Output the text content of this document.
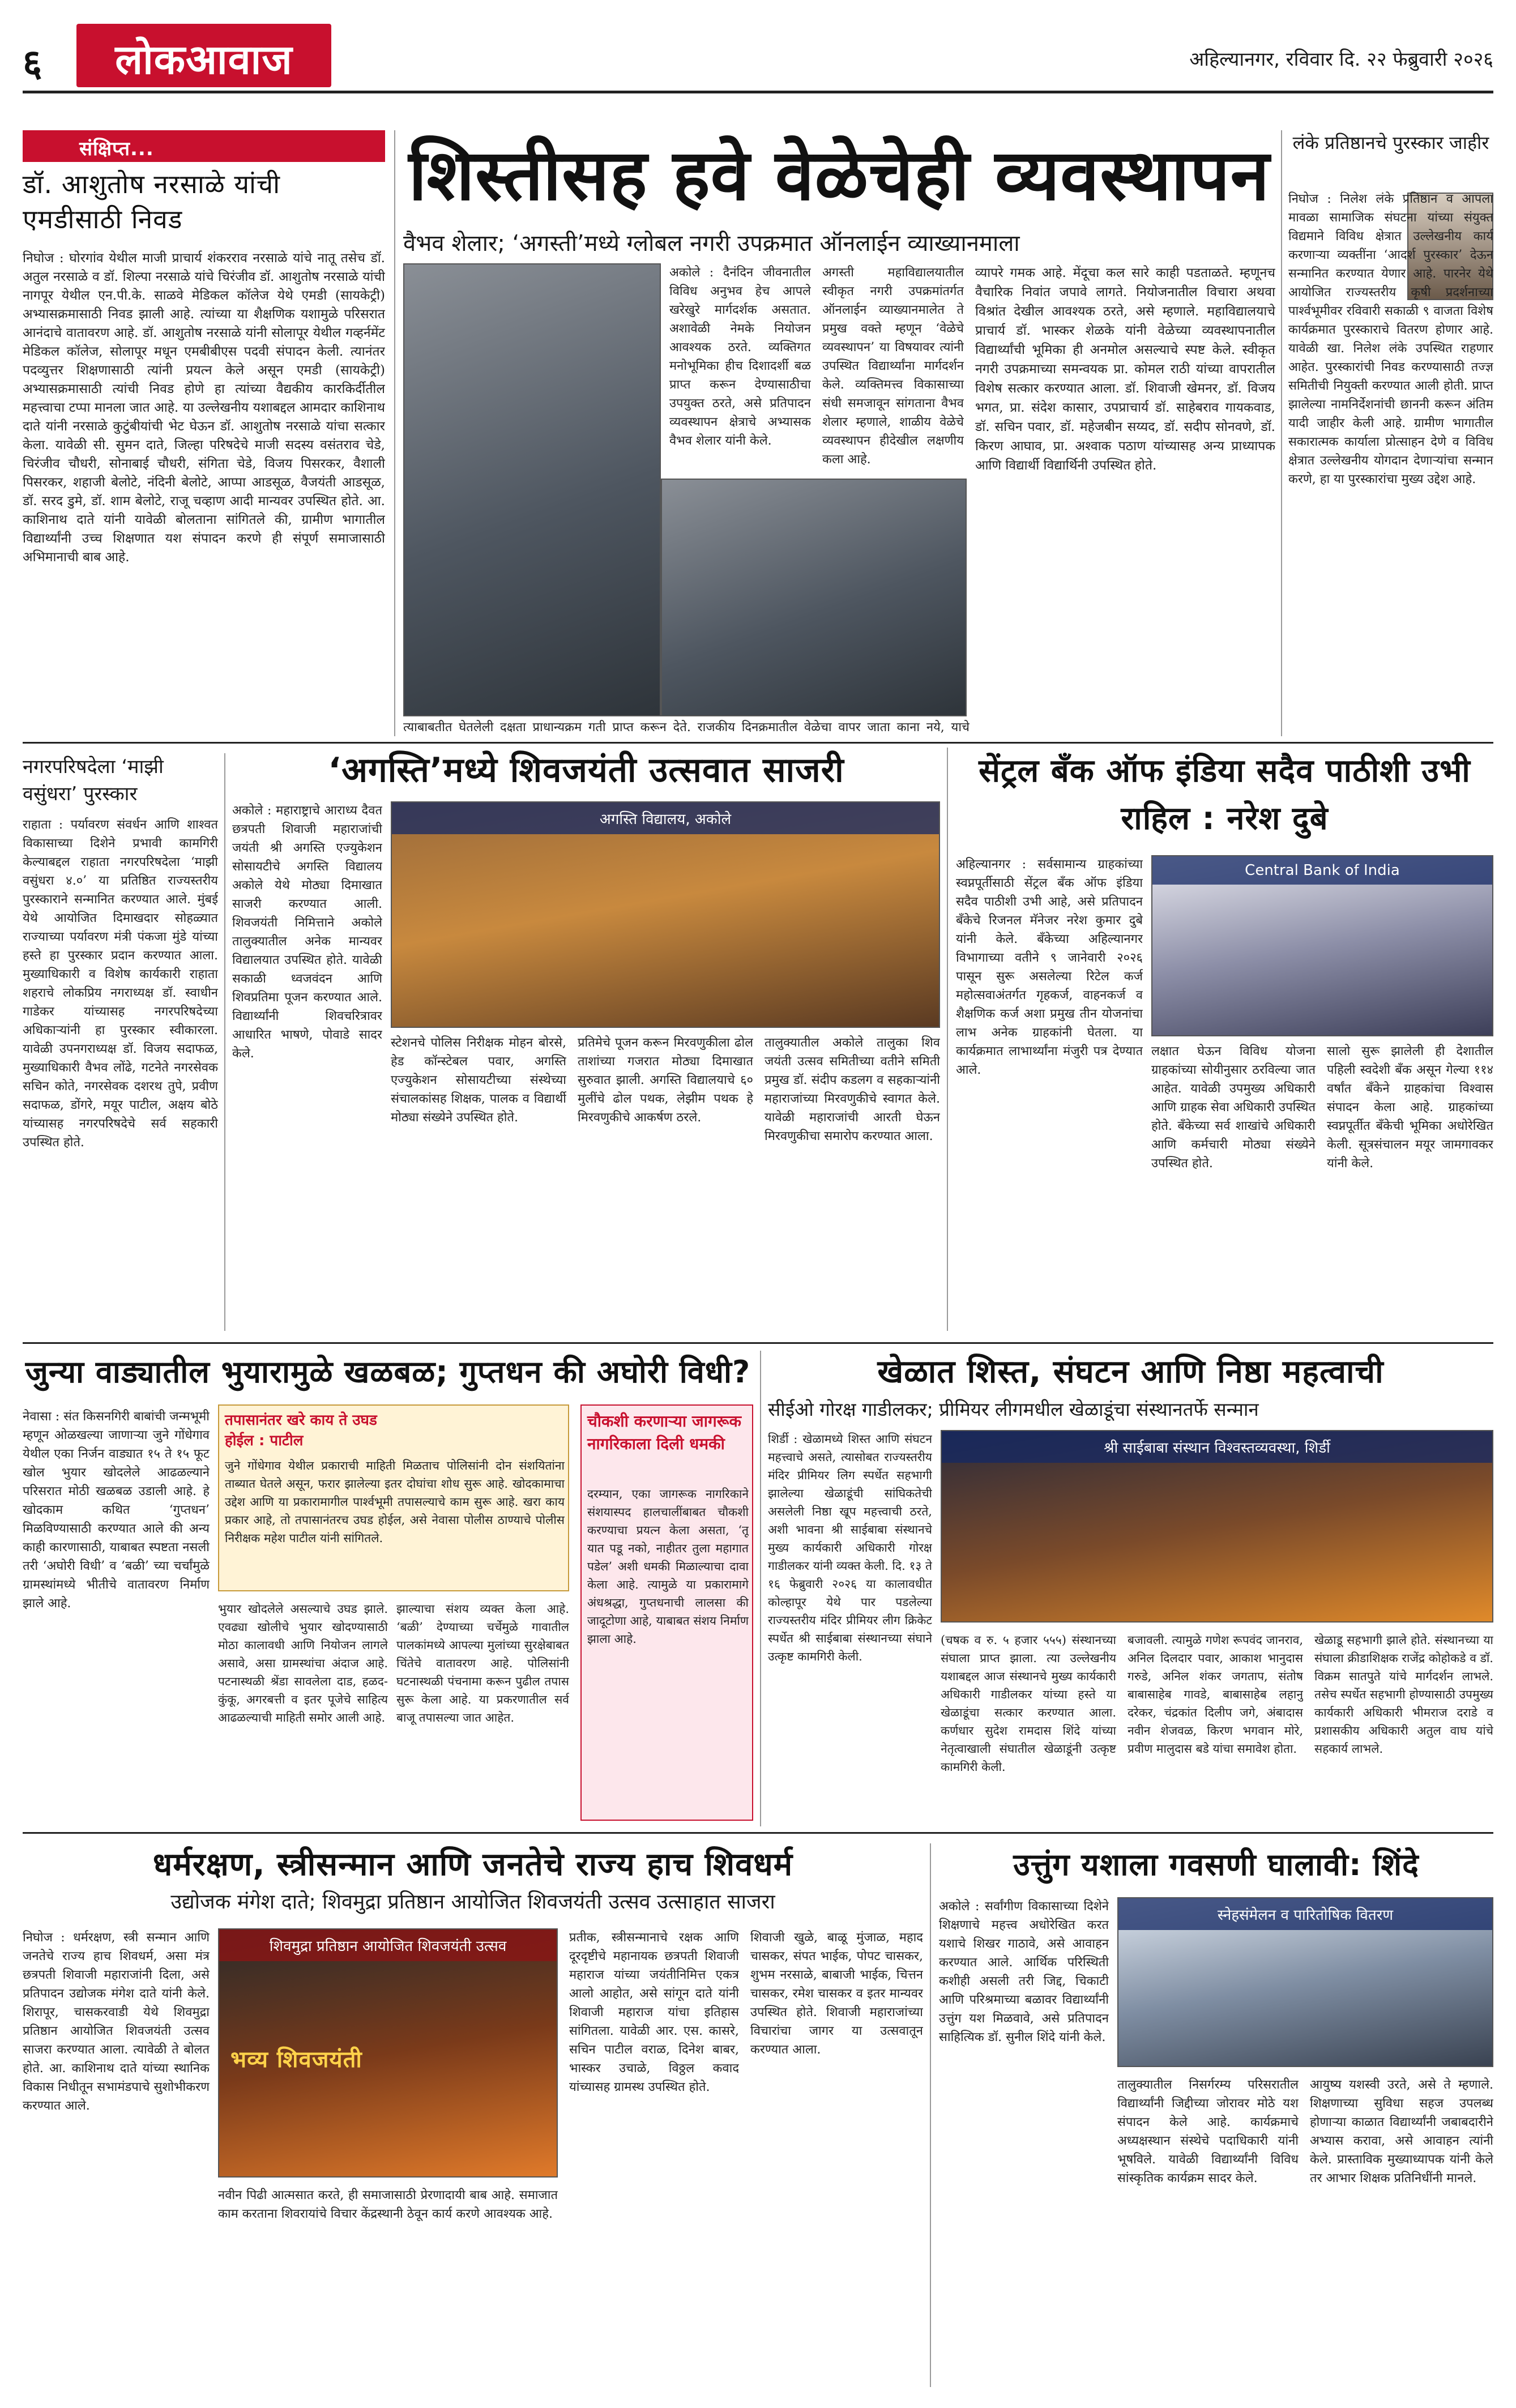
६	लोकआवाज	अहिल्यानगर, रविवार दि. २२ फेब्रुवारी २०२६
संक्षिप्त...
डॉ. आशुतोष नरसाळे यांची एमडीसाठी निवड
निघोज : घोरगांव येथील माजी प्राचार्य शंकरराव नरसाळे यांचे नातू तसेच डॉ. अतुल नरसाळे व डॉ. शिल्पा नरसाळे यांचे चिरंजीव डॉ. आशुतोष नरसाळे यांची नागपूर येथील एन.पी.के. साळवे मेडिकल कॉलेज येथे एमडी (सायकेट्री) अभ्यासक्रमासाठी निवड झाली आहे. त्यांच्या या शैक्षणिक यशामुळे परिसरात आनंदाचे वातावरण आहे. डॉ. आशुतोष नरसाळे यांनी सोलापूर येथील गव्हर्नमेंट मेडिकल कॉलेज, सोलापूर मधून एमबीबीएस पदवी संपादन केली. त्यानंतर पदव्युत्तर शिक्षणासाठी त्यांनी प्रयत्न केले असून एमडी (सायकेट्री) अभ्यासक्रमासाठी त्यांची निवड होणे हा त्यांच्या वैद्यकीय कारकिर्दीतील महत्त्वाचा टप्पा मानला जात आहे. या उल्लेखनीय यशाबद्दल आमदार काशिनाथ दाते यांनी नरसाळे कुटुंबीयांची भेट घेऊन डॉ. आशुतोष नरसाळे यांचा सत्कार केला. यावेळी सी. सुमन दाते, जिल्हा परिषदेचे माजी सदस्य वसंतराव चेडे, चिरंजीव चौधरी, सोनाबाई चौधरी, संगिता चेडे, विजय पिसरकर, वैशाली पिसरकर, शहाजी बेलोटे, नंदिनी बेलोटे, आप्पा आडसूळ, वैजयंती आडसूळ, डॉ. सरद डुमे, डॉ. शाम बेलोटे, राजू चव्हाण आदी मान्यवर उपस्थित होते. आ. काशिनाथ दाते यांनी यावेळी बोलताना सांगितले की, ग्रामीण भागातील विद्यार्थ्यांनी उच्च शिक्षणात यश संपादन करणे ही संपूर्ण समाजासाठी अभिमानाची बाब आहे.
शिस्तीसह हवे वेळेचेही व्यवस्थापन
वैभव शेलार; ‘अगस्ती’मध्ये ग्लोबल नगरी उपक्रमात ऑनलाईन व्याख्यानमाला
अकोले : दैनंदिन जीवनातील विविध अनुभव हेच आपले खरेखुरे मार्गदर्शक असतात. अशावेळी नेमके नियोजन आवश्यक ठरते. व्यक्तिगत मनोभूमिका हीच दिशादर्शी बळ प्राप्त करून देण्यासाठीचा उपयुक्त ठरते, असे प्रतिपादन व्यवस्थापन क्षेत्राचे अभ्यासक वैभव शेलार यांनी केले.
अगस्ती महाविद्यालयातील स्वीकृत नगरी उपक्रमांतर्गत ऑनलाईन व्याख्यानमालेत ते प्रमुख वक्ते म्हणून ‘वेळेचे व्यवस्थापन’ या विषयावर त्यांनी उपस्थित विद्यार्थ्यांना मार्गदर्शन केले. व्यक्तिमत्त्व विकासाच्या संधी समजावून सांगताना वैभव शेलार म्हणाले, शाळीय वेळेचे व्यवस्थापन हीदेखील लक्षणीय कला आहे.
त्याबाबतीत घेतलेली दक्षता प्राधान्यक्रम गती प्राप्त करून देते. राजकीय दिनक्रमातील वेळेचा वापर जाता काना नये, याचे
व्यापरे गमक आहे. मेंदूचा कल सारे काही पडताळते. म्हणूनच वैचारिक निवांत जपावे लागते. नियोजनातील विचारा अथवा विश्रांत देखील आवश्यक ठरते, असे म्हणाले. महाविद्यालयाचे प्राचार्य डॉ. भास्कर शेळके यांनी वेळेच्या व्यवस्थापनातील विद्यार्थ्यांची भूमिका ही अनमोल असल्याचे स्पष्ट केले. स्वीकृत नगरी उपक्रमाच्या समन्वयक प्रा. कोमल राठी यांच्या वापरातील विशेष सत्कार करण्यात आला. डॉ. शिवाजी खेमनर, डॉ. विजय भगत, प्रा. संदेश कासार, उपप्राचार्य डॉ. साहेबराव गायकवाड, डॉ. सचिन पवार, डॉ. महेजबीन सय्यद, डॉ. सदीप सोनवणे, डॉ. किरण आघाव, प्रा. अश्वाक पठाण यांच्यासह अन्य प्राध्यापक आणि विद्यार्थी विद्यार्थिनी उपस्थित होते.
लंके प्रतिष्ठानचे पुरस्कार जाहीर
निघोज : निलेश लंके प्रतिष्ठान व आपला मावळा सामाजिक संघटना यांच्या संयुक्त विद्यमाने विविध क्षेत्रात उल्लेखनीय कार्य करणाऱ्या व्यक्तींना ‘आदर्श पुरस्कार’ देऊन सन्मानित करण्यात येणार आहे. पारनेर येथे आयोजित राज्यस्तरीय कृषी प्रदर्शनाच्या पार्श्वभूमीवर रविवारी सकाळी ९ वाजता विशेष कार्यक्रमात पुरस्काराचे वितरण होणार आहे. यावेळी खा. निलेश लंके उपस्थित राहणार आहेत. पुरस्कारांची निवड करण्यासाठी तज्ज्ञ समितीची नियुक्ती करण्यात आली होती. प्राप्त झालेल्या नामनिर्देशनांची छाननी करून अंतिम यादी जाहीर केली आहे. ग्रामीण भागातील सकारात्मक कार्याला प्रोत्साहन देणे व विविध क्षेत्रात उल्लेखनीय योगदान देणाऱ्यांचा सन्मान करणे, हा या पुरस्कारांचा मुख्य उद्देश आहे.
नगरपरिषदेला ‘माझी वसुंधरा’ पुरस्कार
राहाता : पर्यावरण संवर्धन आणि शाश्वत विकासाच्या दिशेने प्रभावी कामगिरी केल्याबद्दल राहाता नगरपरिषदेला ‘माझी वसुंधरा ४.०’ या प्रतिष्ठित राज्यस्तरीय पुरस्काराने सन्मानित करण्यात आले. मुंबई येथे आयोजित दिमाखदार सोहळ्यात राज्याच्या पर्यावरण मंत्री पंकजा मुंडे यांच्या हस्ते हा पुरस्कार प्रदान करण्यात आला. मुख्याधिकारी व विशेष कार्यकारी राहाता शहराचे लोकप्रिय नगराध्यक्ष डॉ. स्वाधीन गाडेकर यांच्यासह नगरपरिषदेच्या अधिकाऱ्यांनी हा पुरस्कार स्वीकारला. यावेळी उपनगराध्यक्ष डॉ. विजय सदाफळ, मुख्याधिकारी वैभव लोंढे, गटनेते नगरसेवक सचिन कोते, नगरसेवक दशरथ तुपे, प्रवीण सदाफळ, डोंगरे, मयूर पाटील, अक्षय बोठे यांच्यासह नगरपरिषदेचे सर्व सहकारी उपस्थित होते.
‘अगस्ति’मध्ये शिवजयंती उत्सवात साजरी
अकोले : महाराष्ट्राचे आराध्य दैवत छत्रपती शिवाजी महाराजांची जयंती श्री अगस्ति एज्युकेशन सोसायटीचे अगस्ति विद्यालय अकोले येथे मोठ्या दिमाखात साजरी करण्यात आली. शिवजयंती निमित्ताने अकोले तालुक्यातील अनेक मान्यवर विद्यालयात उपस्थित होते. यावेळी सकाळी ध्वजवंदन आणि शिवप्रतिमा पूजन करण्यात आले. विद्यार्थ्यांनी शिवचरित्रावर आधारित भाषणे, पोवाडे सादर केले.
अगस्ति विद्यालय, अकोले
स्टेशनचे पोलिस निरीक्षक मोहन बोरसे, हेड कॉन्स्टेबल पवार, अगस्ति एज्युकेशन सोसायटीच्या संस्थेच्या संचालकांसह शिक्षक, पालक व विद्यार्थी मोठ्या संख्येने उपस्थित होते.
प्रतिमेचे पूजन करून मिरवणुकीला ढोल ताशांच्या गजरात मोठ्या दिमाखात सुरुवात झाली. अगस्ति विद्यालयाचे ६० मुलींचे ढोल पथक, लेझीम पथक हे मिरवणुकीचे आकर्षण ठरले.
तालुक्यातील अकोले तालुका शिव जयंती उत्सव समितीच्या वतीने समिती प्रमुख डॉ. संदीप कडलग व सहकाऱ्यांनी महाराजांच्या मिरवणुकीचे स्वागत केले. यावेळी महाराजांची आरती घेऊन मिरवणुकीचा समारोप करण्यात आला.
सेंट्रल बँक ऑफ इंडिया सदैव पाठीशी उभी राहिल : नरेश दुबे
अहिल्यानगर : सर्वसामान्य ग्राहकांच्या स्वप्नपूर्तीसाठी सेंट्रल बँक ऑफ इंडिया सदैव पाठीशी उभी आहे, असे प्रतिपादन बँकेचे रिजनल मॅनेजर नरेश कुमार दुबे यांनी केले. बँकेच्या अहिल्यानगर विभागाच्या वतीने ९ जानेवारी २०२६ पासून सुरू असलेल्या रिटेल कर्ज महोत्सवाअंतर्गत गृहकर्ज, वाहनकर्ज व शैक्षणिक कर्ज अशा प्रमुख तीन योजनांचा लाभ अनेक ग्राहकांनी घेतला. या कार्यक्रमात लाभार्थ्यांना मंजुरी पत्र देण्यात आले.
Central Bank of India
लक्षात घेऊन विविध योजना ग्राहकांच्या सोयीनुसार ठरविल्या जात आहेत. यावेळी उपमुख्य अधिकारी आणि ग्राहक सेवा अधिकारी उपस्थित होते. बँकेच्या सर्व शाखांचे अधिकारी आणि कर्मचारी मोठ्या संख्येने उपस्थित होते.
सालो सुरू झालेली ही देशातील पहिली स्वदेशी बँक असून गेल्या ११४ वर्षांत बँकेने ग्राहकांचा विश्वास संपादन केला आहे. ग्राहकांच्या स्वप्नपूर्तीत बँकेची भूमिका अधोरेखित केली. सूत्रसंचालन मयूर जामगावकर यांनी केले.
जुन्या वाड्यातील भुयारामुळे खळबळ; गुप्तधन की अघोरी विधी?
नेवासा : संत किसनगिरी बाबांची जन्मभूमी म्हणून ओळखल्या जाणाऱ्या जुने गोंधेगाव येथील एका निर्जन वाड्यात १५ ते १५ फूट खोल भुयार खोदलेले आढळल्याने परिसरात मोठी खळबळ उडाली आहे. हे खोदकाम कथित ‘गुप्तधन’ मिळविण्यासाठी करण्यात आले की अन्य काही कारणासाठी, याबाबत स्पष्टता नसली तरी ‘अघोरी विधी’ व ‘बळी’ च्या चर्चांमुळे ग्रामस्थांमध्ये भीतीचे वातावरण निर्माण झाले आहे.
तपासानंतर खरे काय ते उघड होईल : पाटील
जुने गोंधेगाव येथील प्रकाराची माहिती मिळताच पोलिसांनी दोन संशयितांना ताब्यात घेतले असून, फरार झालेल्या इतर दोघांचा शोध सुरू आहे. खोदकामाचा उद्देश आणि या प्रकारामागील पार्श्वभूमी तपासल्याचे काम सुरू आहे. खरा काय प्रकार आहे, तो तपासानंतरच उघड होईल, असे नेवासा पोलीस ठाण्याचे पोलीस निरीक्षक महेश पाटील यांनी सांगितले.
चौकशी करणाऱ्या जागरूक नागरिकाला दिली धमकी
दरम्यान, एका जागरूक नागरिकाने संशयास्पद हालचालींबाबत चौकशी करण्याचा प्रयत्न केला असता, ‘तू यात पडू नको, नाहीतर तुला महागात पडेल’ अशी धमकी मिळाल्याचा दावा केला आहे. त्यामुळे या प्रकारामागे अंधश्रद्धा, गुप्तधनाची लालसा की जादूटोणा आहे, याबाबत संशय निर्माण झाला आहे.
भुयार खोदलेले असल्याचे उघड झाले. एवढ्या खोलीचे भुयार खोदण्यासाठी मोठा कालावधी आणि नियोजन लागले असावे, असा ग्रामस्थांचा अंदाज आहे. पटनास्थळी श्रेंडा सावलेला दाड, हळद-कुंकू, अगरबत्ती व इतर पूजेचे साहित्य आढळल्याची माहिती समोर आली आहे.
झाल्याचा संशय व्यक्त केला आहे. ‘बळी’ देण्याच्या चर्चेमुळे गावातील पालकांमध्ये आपल्या मुलांच्या सुरक्षेबाबत चिंतेचे वातावरण आहे. पोलिसांनी घटनास्थळी पंचनामा करून पुढील तपास सुरू केला आहे. या प्रकरणातील सर्व बाजू तपासल्या जात आहेत.
खेळात शिस्त, संघटन आणि निष्ठा महत्वाची
सीईओ गोरक्ष गाडीलकर; प्रीमियर लीगमधील खेळाडूंचा संस्थानतर्फे सन्मान
शिर्डी : खेळामध्ये शिस्त आणि संघटन महत्त्वाचे असते, त्यासोबत राज्यस्तरीय मंदिर प्रीमियर लिग स्पर्धेत सहभागी झालेल्या खेळाडूंची सांघिकतेची असलेली निष्ठा खूप महत्त्वाची ठरते, अशी भावना श्री साईबाबा संस्थानचे मुख्य कार्यकारी अधिकारी गोरक्ष गाडीलकर यांनी व्यक्त केली. दि. १३ ते १६ फेब्रुवारी २०२६ या कालावधीत कोल्हापूर येथे पार पडलेल्या राज्यस्तरीय मंदिर प्रीमियर लीग क्रिकेट स्पर्धेत श्री साईबाबा संस्थानच्या संघाने उत्कृष्ट कामगिरी केली.
श्री साईबाबा संस्थान विश्वस्तव्यवस्था, शिर्डी
(चषक व रु. ५ हजार ५५५) संस्थानच्या संघाला प्राप्त झाला. त्या उल्लेखनीय यशाबद्दल आज संस्थानचे मुख्य कार्यकारी अधिकारी गाडीलकर यांच्या हस्ते या खेळाडूंचा सत्कार करण्यात आला. कर्णधार सुदेश रामदास शिंदे यांच्या नेतृत्वाखाली संघातील खेळाडूंनी उत्कृष्ट कामगिरी केली.
बजावली. त्यामुळे गणेश रूपवंद जानराव, अनिल दिलदार पवार, आकाश भानुदास गरुडे, अनिल शंकर जगताप, संतोष बाबासाहेब गावडे, बाबासाहेब लहानु दरेकर, चंद्रकांत दिलीप जगे, अंबादास नवीन शेजवळ, किरण भगवान मोरे, प्रवीण मालुदास बडे यांचा समावेश होता.
खेळाडू सहभागी झाले होते. संस्थानच्या या संघाला क्रीडाशिक्षक राजेंद्र कोहोकडे व डॉ. विक्रम सातपुते यांचे मार्गदर्शन लाभले. तसेच स्पर्धेत सहभागी होण्यासाठी उपमुख्य कार्यकारी अधिकारी भीमराज दराडे व प्रशासकीय अधिकारी अतुल वाघ यांचे सहकार्य लाभले.
धर्मरक्षण, स्त्रीसन्मान आणि जनतेचे राज्य हाच शिवधर्म
उद्योजक मंगेश दाते; शिवमुद्रा प्रतिष्ठान आयोजित शिवजयंती उत्सव उत्साहात साजरा
निघोज : धर्मरक्षण, स्त्री सन्मान आणि जनतेचे राज्य हाच शिवधर्म, असा मंत्र छत्रपती शिवाजी महाराजांनी दिला, असे प्रतिपादन उद्योजक मंगेश दाते यांनी केले. शिरापूर, चासकरवाडी येथे शिवमुद्रा प्रतिष्ठान आयोजित शिवजयंती उत्सव साजरा करण्यात आला. त्यावेळी ते बोलत होते. आ. काशिनाथ दाते यांच्या स्थानिक विकास निधीतून सभामंडपाचे सुशोभीकरण करण्यात आले.
शिवमुद्रा प्रतिष्ठान आयोजित शिवजयंती उत्सव
भव्य शिवजयंती
नवीन पिढी आत्मसात करते, ही समाजासाठी प्रेरणादायी बाब आहे. समाजात काम करताना शिवरायांचे विचार केंद्रस्थानी ठेवून कार्य करणे आवश्यक आहे.
प्रतीक, स्त्रीसन्मानाचे रक्षक आणि दूरदृष्टीचे महानायक छत्रपती शिवाजी महाराज यांच्या जयंतीनिमित्त एकत्र आलो आहोत, असे सांगून दाते यांनी शिवाजी महाराज यांचा इतिहास सांगितला. यावेळी आर. एस. कासरे, सचिन पाटील वराळ, दिनेश बाबर, भास्कर उचाळे, विठ्ठल कवाद यांच्यासह ग्रामस्थ उपस्थित होते.
शिवाजी खुळे, बाळू मुंजाळ, महाद चासकर, संपत भाईक, पोपट चासकर, शुभम नरसाळे, बाबाजी भाईक, चित्तन चासकर, रमेश चासकर व इतर मान्यवर उपस्थित होते. शिवाजी महाराजांच्या विचारांचा जागर या उत्सवातून करण्यात आला.
उत्तुंग यशाला गवसणी घालावी: शिंदे
अकोले : सर्वांगीण विकासाच्या दिशेने शिक्षणाचे महत्त्व अधोरेखित करत यशाचे शिखर गाठावे, असे आवाहन करण्यात आले. आर्थिक परिस्थिती कशीही असली तरी जिद्द, चिकाटी आणि परिश्रमाच्या बळावर विद्यार्थ्यांनी उत्तुंग यश मिळवावे, असे प्रतिपादन साहित्यिक डॉ. सुनील शिंदे यांनी केले.
स्नेहसंमेलन व पारितोषिक वितरण
तालुक्यातील निसर्गरम्य परिसरातील विद्यार्थ्यांनी जिद्दीच्या जोरावर मोठे यश संपादन केले आहे. कार्यक्रमाचे अध्यक्षस्थान संस्थेचे पदाधिकारी यांनी भूषविले. यावेळी विद्यार्थ्यांनी विविध सांस्कृतिक कार्यक्रम सादर केले.
आयुष्य यशस्वी उरते, असे ते म्हणाले. शिक्षणाच्या सुविधा सहज उपलब्ध होणाऱ्या काळात विद्यार्थ्यांनी जबाबदारीने अभ्यास करावा, असे आवाहन त्यांनी केले. प्रास्ताविक मुख्याध्यापक यांनी केले तर आभार शिक्षक प्रतिनिधींनी मानले.
